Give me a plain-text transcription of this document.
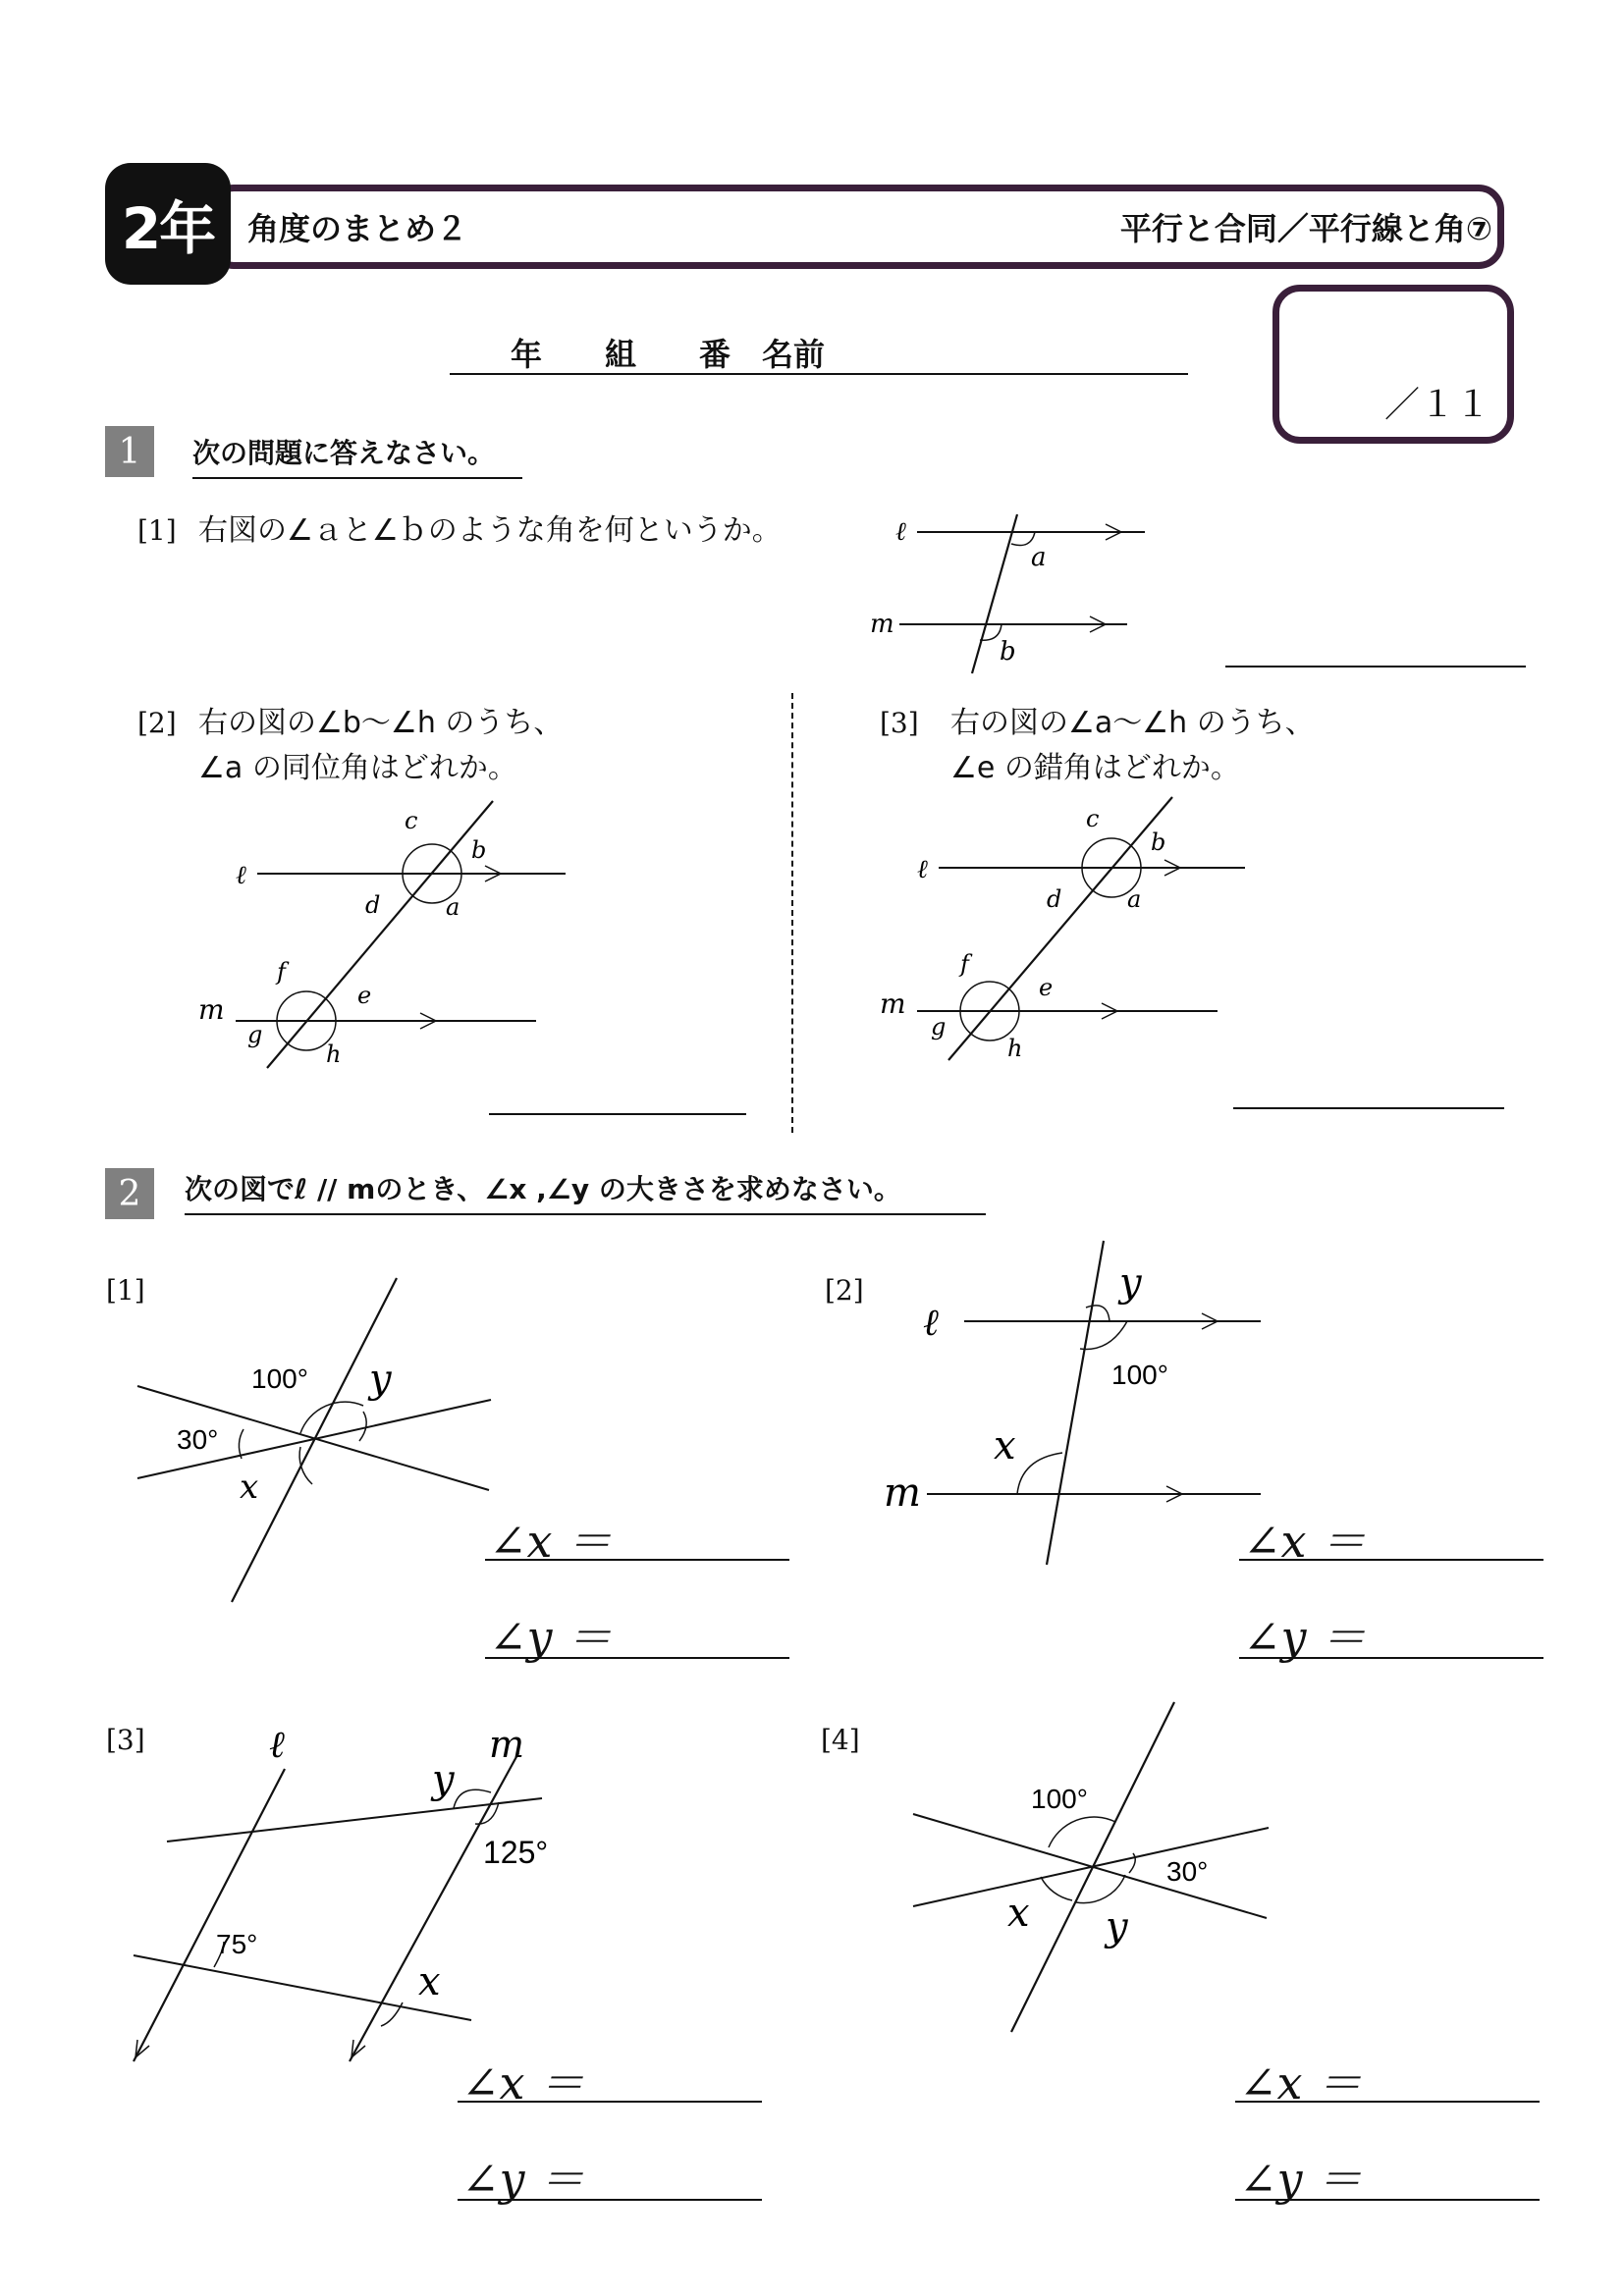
2年	角度のまとめ２	平行と合同／平行線と角⑦
年　　組　　番　名前
／１１
1	次の問題に答えなさい。
[1] 右図の∠ａと∠ｂのような角を何というか。	ℓ
m
a
b
[2] 右の図の∠b〜∠h のうち、
∠a の同位角はどれか。
ℓ
m
c
b
d	a
f
e
g
h
[3] 右の図の∠a〜∠h のうち、
∠e の錯角はどれか。
ℓ
m
c
b
d	a
f
e
g
h
2	次の図でℓ // mのとき、∠x ,∠y の大きさを求めなさい。
[1]
100°
30°
y
x
∠x ＝
∠y ＝
[2]
ℓ
m
y
100°
x
∠x ＝
∠y ＝
[3]	ℓ	m
y
125°
75°
x
∠x ＝
∠y ＝
[4]
100°
30°
x y
∠x ＝
∠y ＝
